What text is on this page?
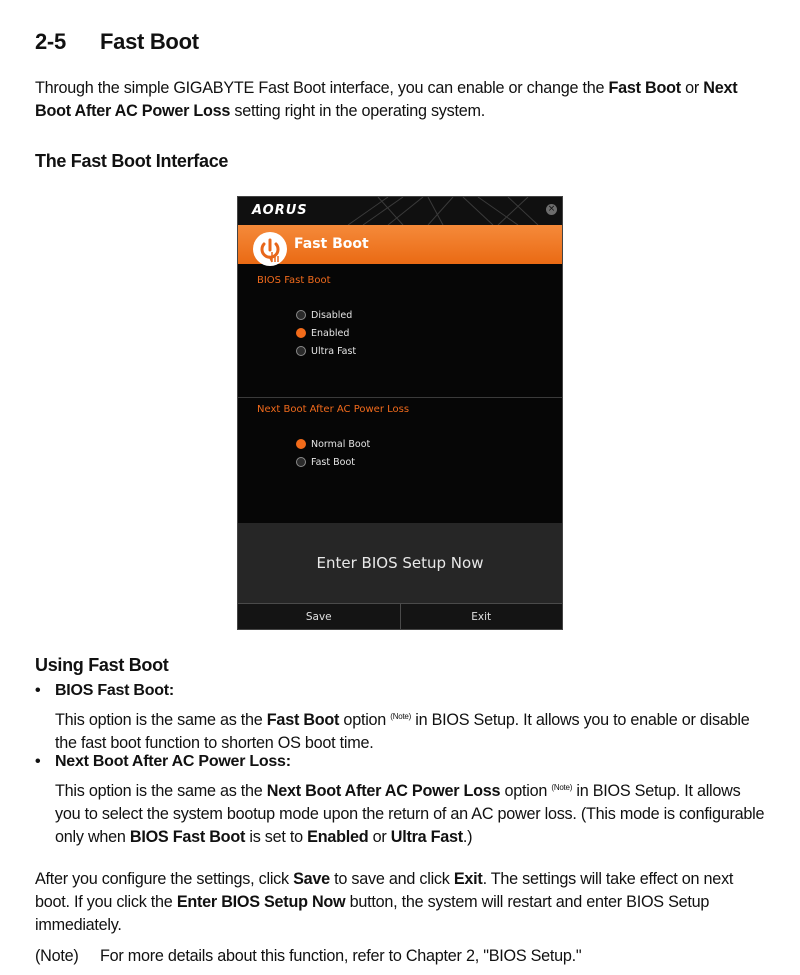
2-5 Fast Boot
Through the simple GIGABYTE Fast Boot interface, you can enable or change the Fast Boot or Next Boot After AC Power Loss setting right in the operating system.
The Fast Boot Interface
AORUS	×
Fast Boot
BIOS Fast Boot
Disabled
Enabled
Ultra Fast
Next Boot After AC Power Loss
Normal Boot
Fast Boot
Enter BIOS Setup Now
Save	Exit
Using Fast Boot
• BIOS Fast Boot:
This option is the same as the Fast Boot option $^{(Note)}$ in BIOS Setup. It allows you to enable or disable the fast boot function to shorten OS boot time.
• Next Boot After AC Power Loss:
This option is the same as the Next Boot After AC Power Loss option $^{(Note)}$ in BIOS Setup. It allows you to select the system bootup mode upon the return of an AC power loss. (This mode is configurable only when BIOS Fast Boot is set to Enabled or Ultra Fast.)
After you configure the settings, click Save to save and click Exit. The settings will take effect on next boot. If you click the Enter BIOS Setup Now button, the system will restart and enter BIOS Setup immediately.
(Note) For more details about this function, refer to Chapter 2, "BIOS Setup."
